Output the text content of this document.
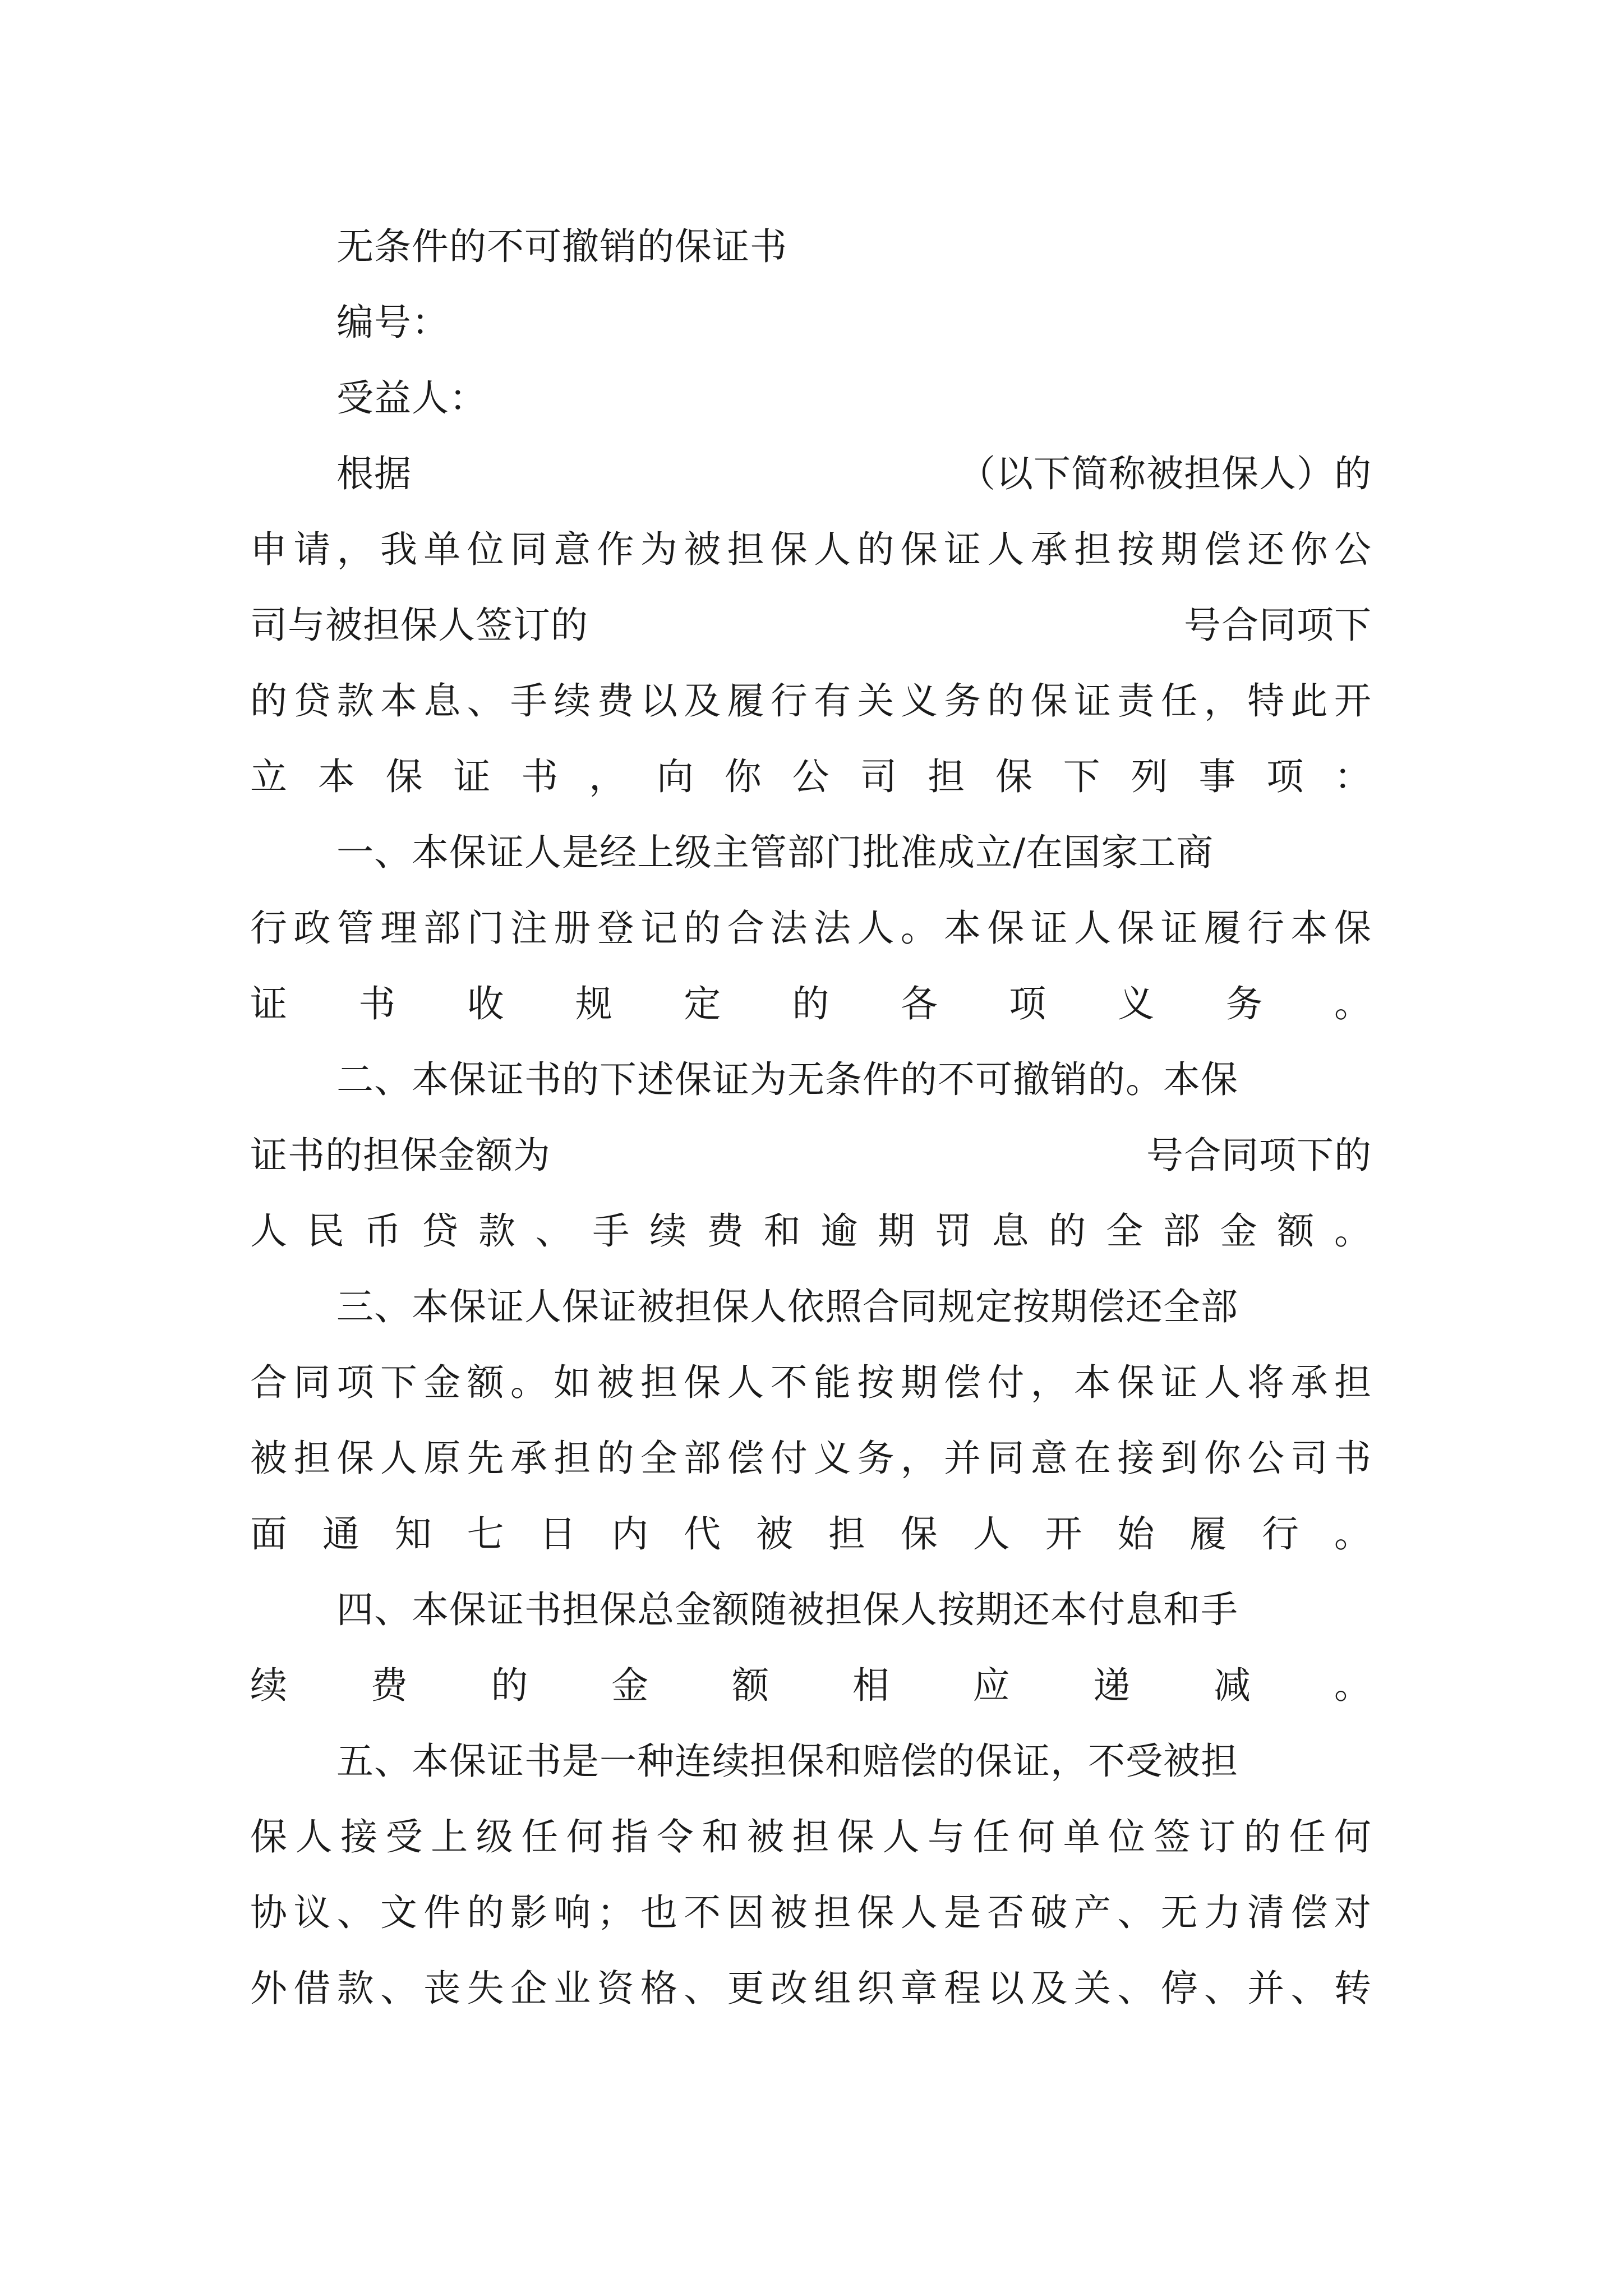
无条件的不可撤销的保证书
编号：
受益人：
根据	（以下简称被担保人）的
申 请 ， 我 单 位 同 意 作 为 被 担 保 人 的 保 证 人 承 担 按 期 偿 还 你 公
司与被担保人签订的	号合同项下
的 贷 款 本 息 、 手 续 费 以 及 履 行 有 关 义 务 的 保 证 责 任 ， 特 此 开
立 本 保 证 书 ， 向 你 公 司 担 保 下 列 事 项 ：
一、本保证人是经上级主管部门批准成立/在国家工商
行 政 管 理 部 门 注 册 登 记 的 合 法 法 人 。 本 保 证 人 保 证 履 行 本 保
证 书 收 规 定 的 各 项 义 务 。
二、本保证书的下述保证为无条件的不可撤销的。本保
证书的担保金额为	号合同项下的
人 民 币 贷 款 、 手 续 费 和 逾 期 罚 息 的 全 部 金 额 。
三、本保证人保证被担保人依照合同规定按期偿还全部
合 同 项 下 金 额 。 如 被 担 保 人 不 能 按 期 偿 付 ， 本 保 证 人 将 承 担
被 担 保 人 原 先 承 担 的 全 部 偿 付 义 务 ， 并 同 意 在 接 到 你 公 司 书
面 通 知 七 日 内 代 被 担 保 人 开 始 履 行 。
四、本保证书担保总金额随被担保人按期还本付息和手
续 费 的 金 额 相 应 递 减 。
五、本保证书是一种连续担保和赔偿的保证，不受被担
保 人 接 受 上 级 任 何 指 令 和 被 担 保 人 与 任 何 单 位 签 订 的 任 何
协 议 、 文 件 的 影 响 ； 也 不 因 被 担 保 人 是 否 破 产 、 无 力 清 偿 对
外 借 款 、 丧 失 企 业 资 格 、 更 改 组 织 章 程 以 及 关 、 停 、 并 、 转
